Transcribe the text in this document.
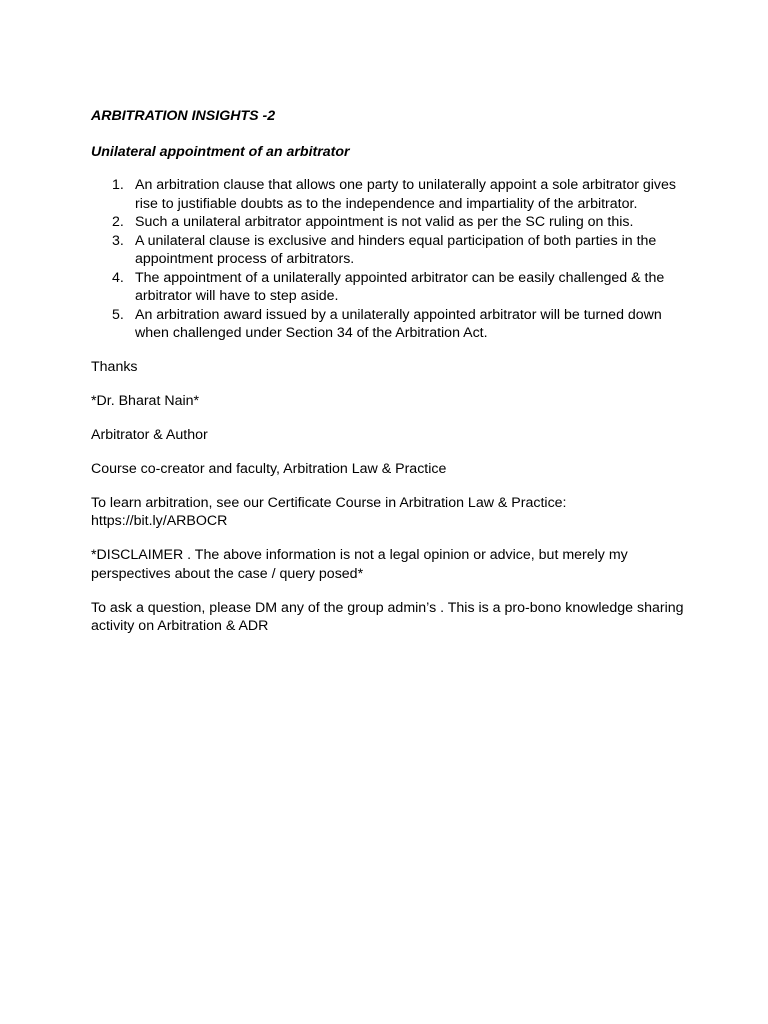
ARBITRATION INSIGHTS -2
Unilateral appointment of an arbitrator
1. An arbitration clause that allows one party to unilaterally appoint a sole arbitrator gives rise to justifiable doubts as to the independence and impartiality of the arbitrator.
2. Such a unilateral arbitrator appointment is not valid as per the SC ruling on this.
3. A unilateral clause is exclusive and hinders equal participation of both parties in the appointment process of arbitrators.
4. The appointment of a unilaterally appointed arbitrator can be easily challenged & the arbitrator will have to step aside.
5. An arbitration award issued by a unilaterally appointed arbitrator will be turned down when challenged under Section 34 of the Arbitration Act.

Thanks

*Dr. Bharat Nain*

Arbitrator & Author

Course co-creator and faculty, Arbitration Law & Practice

To learn arbitration, see our Certificate Course in Arbitration Law & Practice:
https://bit.ly/ARBOCR

*DISCLAIMER . The above information is not a legal opinion or advice, but merely my perspectives about the case / query posed*

To ask a question, please DM any of the group admin’s . This is a pro-bono knowledge sharing activity on Arbitration & ADR
